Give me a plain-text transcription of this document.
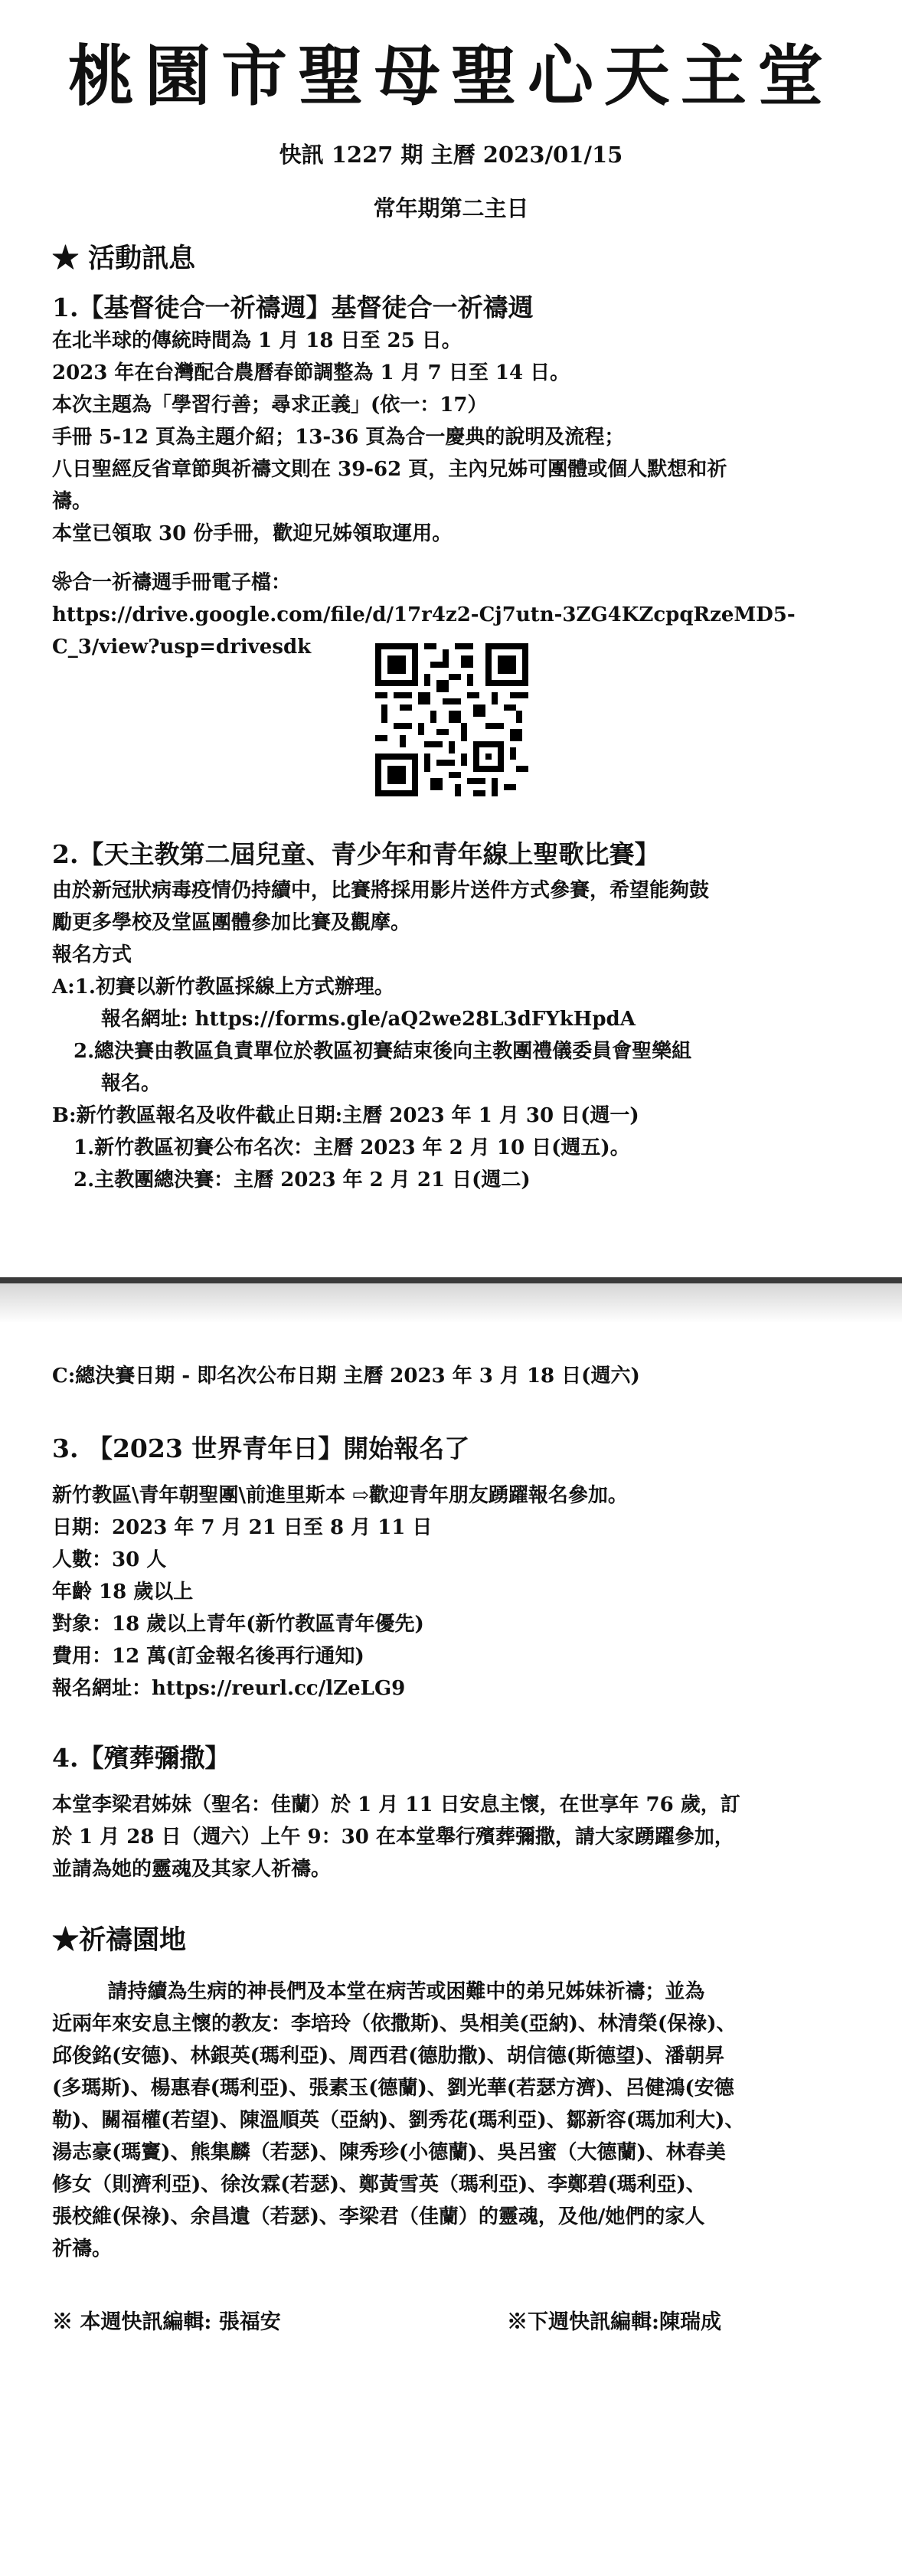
桃園市聖母聖心天主堂
快訊 1227 期 主曆 2023/01/15
常年期第二主日
★ 活動訊息
1.【基督徒合一祈禱週】基督徒合一祈禱週
在北半球的傳統時間為 1 月 18 日至 25 日。
2023 年在台灣配合農曆春節調整為 1 月 7 日至 14 日。
本次主題為「學習行善；尋求正義」(依一：17）
手冊 5-12 頁為主題介紹；13-36 頁為合一慶典的說明及流程；
八日聖經反省章節與祈禱文則在 39-62 頁，主內兄姊可團體或個人默想和祈
禱。
本堂已領取 30 份手冊，歡迎兄姊領取運用。
❀合一祈禱週手冊電子檔：
https://drive.google.com/file/d/17r4z2-Cj7utn-3ZG4KZcpqRzeMD5-
C_3/view?usp=drivesdk
2.【天主教第二屆兒童、青少年和青年線上聖歌比賽】
由於新冠狀病毒疫情仍持續中，比賽將採用影片送件方式參賽，希望能夠鼓
勵更多學校及堂區團體參加比賽及觀摩。
報名方式
A:1.初賽以新竹教區採線上方式辦理。
報名網址: https://forms.gle/aQ2we28L3dFYkHpdA
2.總決賽由教區負責單位於教區初賽結束後向主教團禮儀委員會聖樂組
報名。
B:新竹教區報名及收件截止日期:主曆 2023 年 1 月 30 日(週一)
1.新竹教區初賽公布名次：主曆 2023 年 2 月 10 日(週五)。
2.主教團總決賽：主曆 2023 年 2 月 21 日(週二)
C:總決賽日期 - 即名次公布日期 主曆 2023 年 3 月 18 日(週六)
3. 【2023 世界青年日】開始報名了
新竹教區\青年朝聖團\前進里斯本 ⇨歡迎青年朋友踴躍報名參加。
日期：2023 年 7 月 21 日至 8 月 11 日
人數：30 人
年齡 18 歲以上
對象：18 歲以上青年(新竹教區青年優先)
費用：12 萬(訂金報名後再行通知)
報名網址：https://reurl.cc/lZeLG9
4.【殯葬彌撒】
本堂李梁君姊妹（聖名：佳蘭）於 1 月 11 日安息主懷，在世享年 76 歲，訂
於 1 月 28 日（週六）上午 9：30 在本堂舉行殯葬彌撒，請大家踴躍參加，
並請為她的靈魂及其家人祈禱。
★祈禱園地
請持續為生病的神長們及本堂在病苦或困難中的弟兄姊妹祈禱；並為
近兩年來安息主懷的教友：李培玲（依撒斯)、吳相美(亞納)、林清榮(保祿)、
邱俊銘(安德)、林銀英(瑪利亞)、周西君(德肋撒)、胡信德(斯德望)、潘朝昇
(多瑪斯)、楊惠春(瑪利亞)、張素玉(德蘭)、劉光華(若瑟方濟)、呂健鴻(安德
勒)、關福權(若望)、陳溫順英（亞納)、劉秀花(瑪利亞)、鄒新容(瑪加利大)、
湯志豪(瑪竇)、熊集麟（若瑟)、陳秀珍(小德蘭)、吳呂蜜（大德蘭)、林春美
修女（則濟利亞)、徐汝霖(若瑟)、鄭黃雪英（瑪利亞)、李鄭碧(瑪利亞)、
張校維(保祿)、余昌遺（若瑟)、李梁君（佳蘭）的靈魂，及他/她們的家人
祈禱。
※ 本週快訊編輯: 張福安	※下週快訊編輯:陳瑞成
